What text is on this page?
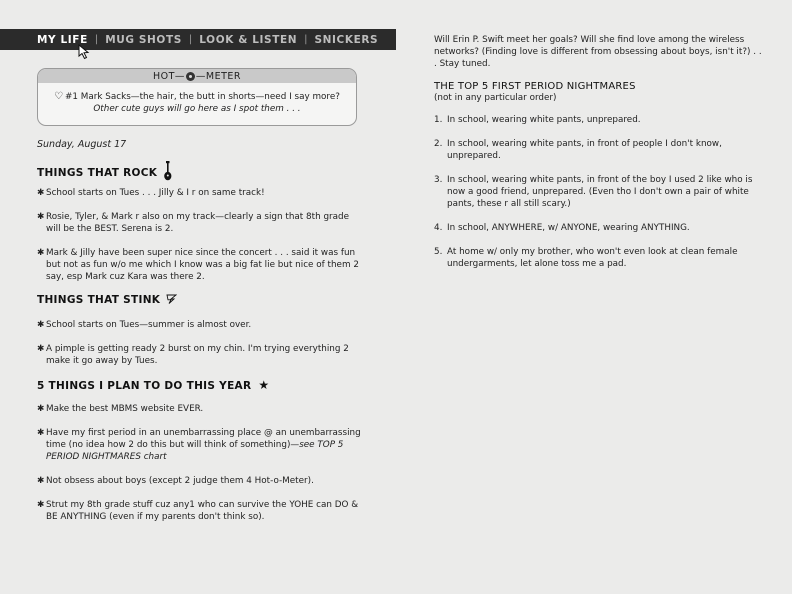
MY LIFE | MUG SHOTS | LOOK & LISTEN | SNICKERS
HOT — — METER
♡ #1 Mark Sacks—the hair, the butt in shorts—need I say more?
Other cute guys will go here as I spot them . . .
Sunday, August 17
THINGS THAT ROCK
✱ School starts on Tues . . . Jilly & I r on same track!
✱ Rosie, Tyler, & Mark r also on my track—clearly a sign that 8th grade will be the BEST. Serena is 2.
✱ Mark & Jilly have been super nice since the concert . . . said it was fun but not as fun w/o me which I know was a big fat lie but nice of them 2 say, esp Mark cuz Kara was there 2.
THINGS THAT STINK
✱ School starts on Tues—summer is almost over.
✱ A pimple is getting ready 2 burst on my chin. I'm trying everything 2 make it go away by Tues.
5 THINGS I PLAN TO DO THIS YEAR ★
✱ Make the best MBMS website EVER.
✱ Have my first period in an unembarrassing place @ an unembarrassing time (no idea how 2 do this but will think of something)—see TOP 5 PERIOD NIGHTMARES chart
✱ Not obsess about boys (except 2 judge them 4 Hot-o-Meter).
✱ Strut my 8th grade stuff cuz any1 who can survive the YOHE can DO & BE ANYTHING (even if my parents don't think so).
Will Erin P. Swift meet her goals? Will she find love among the wireless networks? (Finding love is different from obsessing about boys, isn't it?) . . . Stay tuned.
THE TOP 5 FIRST PERIOD NIGHTMARES
(not in any particular order)
1. In school, wearing white pants, unprepared.
2. In school, wearing white pants, in front of people I don't know, unprepared.
3. In school, wearing white pants, in front of the boy I used 2 like who is now a good friend, unprepared. (Even tho I don't own a pair of white pants, these r all still scary.)
4. In school, ANYWHERE, w/ ANYONE, wearing ANYTHING.
5. At home w/ only my brother, who won't even look at clean female undergarments, let alone toss me a pad.
